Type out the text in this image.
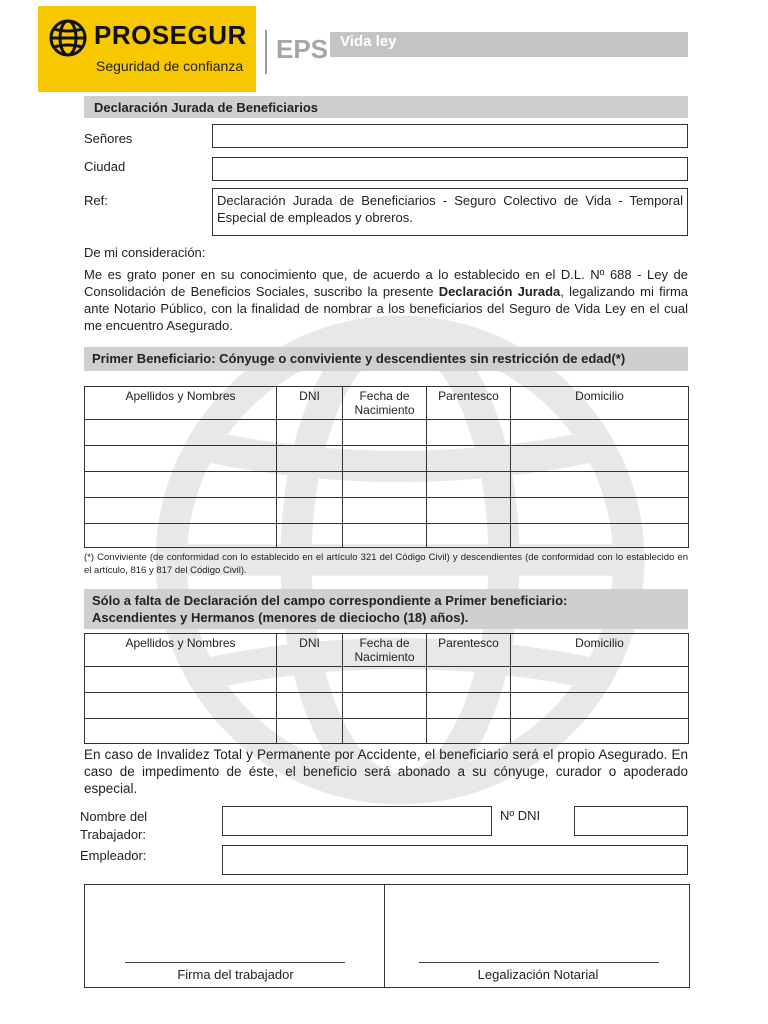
PROSEGUR
Seguridad de confianza
EPS Vida ley
Declaración Jurada de Beneficiarios
Señores
Ciudad
Ref:	Declaración Jurada de Beneficiarios - Seguro Colectivo de Vida - Temporal Especial de empleados y obreros.
De mi consideración:
Me es grato poner en su conocimiento que, de acuerdo a lo establecido en el D.L. Nº 688 - Ley de Consolidación de Beneficios Sociales, suscribo la presente Declaración Jurada, legalizando mi firma ante Notario Público, con la finalidad de nombrar a los beneficiarios del Seguro de Vida Ley en el cual me encuentro Asegurado.
Primer Beneficiario: Cónyuge o conviviente y descendientes sin restricción de edad(*)
Apellidos y Nombres	DNI	Fecha de Nacimiento	Parentesco	Domicilio

(*) Conviviente (de conformidad con lo establecido en el artículo 321 del Código Civil) y descendientes (de conformidad con lo establecido en el artículo, 816 y 817 del Código Civil).
Sólo a falta de Declaración del campo correspondiente a Primer beneficiario:
Ascendientes y Hermanos (menores de dieciocho (18) años).
Apellidos y Nombres	DNI	Fecha de Nacimiento	Parentesco	Domicilio

En caso de Invalidez Total y Permanente por Accidente, el beneficiario será el propio Asegurado. En caso de impedimento de éste, el beneficio será abonado a su cónyuge, curador o apoderado especial.
Nombre del Trabajador:
Nº DNI
Empleador:
Firma del trabajador	Legalización Notarial
